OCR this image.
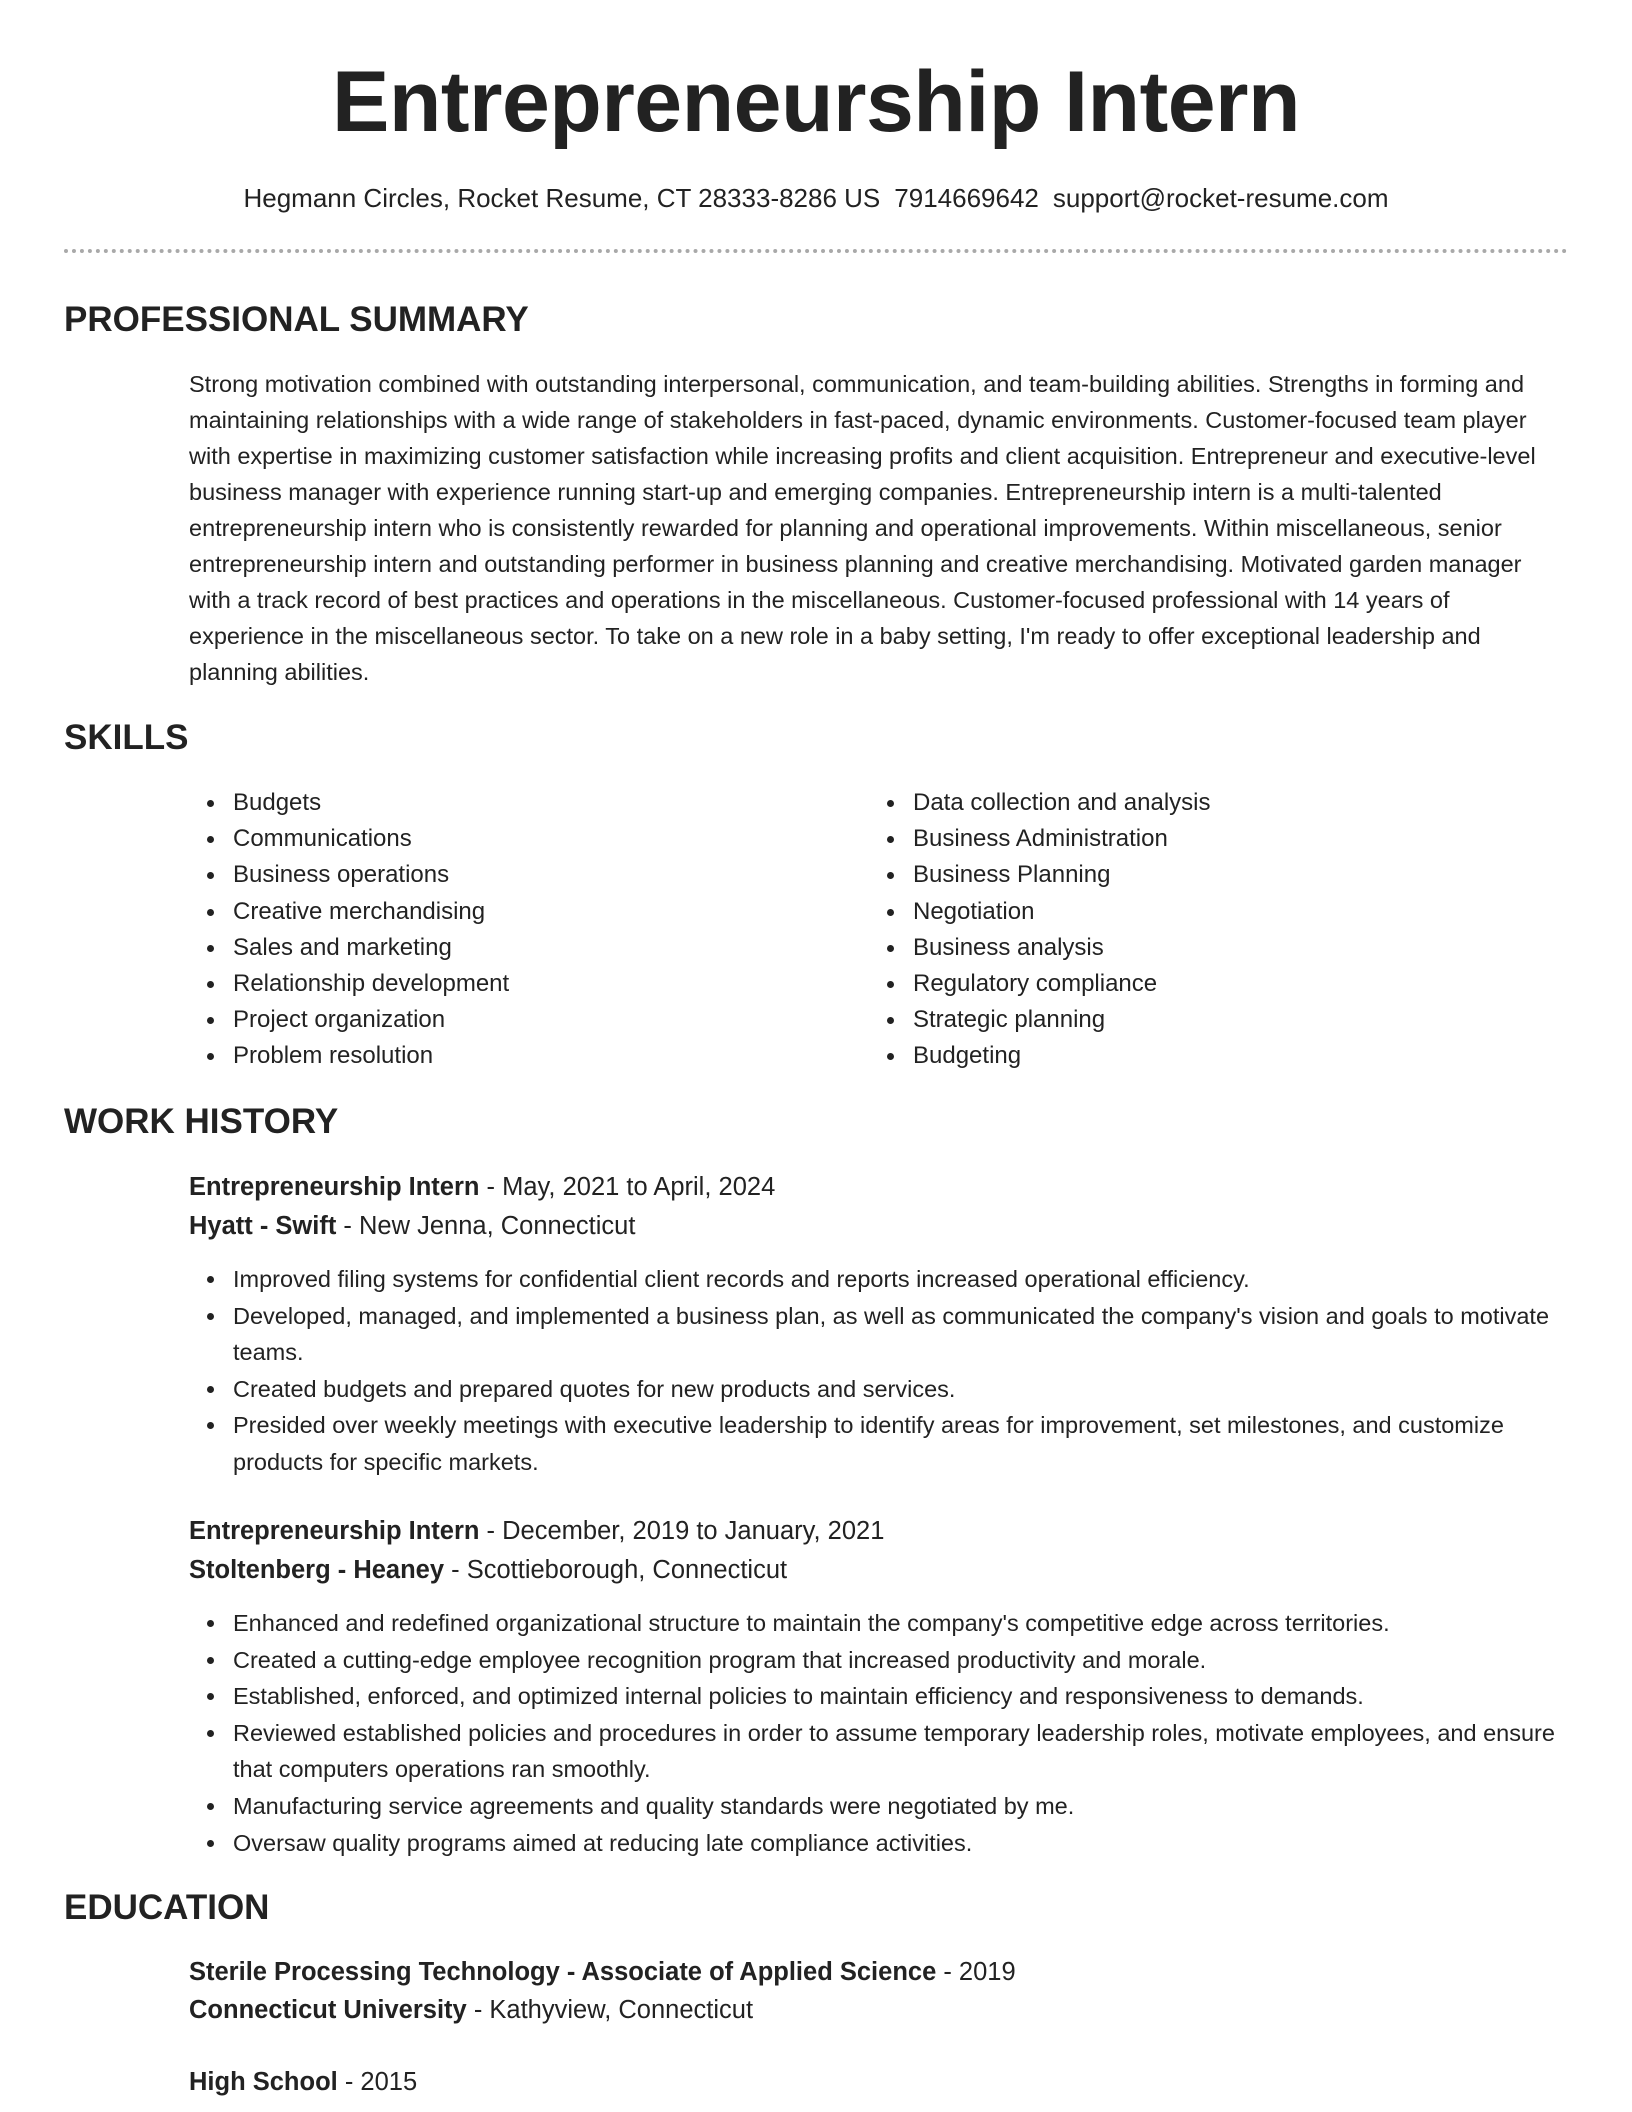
Entrepreneurship Intern
Hegmann Circles, Rocket Resume, CT 28333-8286 US 7914669642 support@rocket-resume.com
PROFESSIONAL SUMMARY

Strong motivation combined with outstanding interpersonal, communication, and team-building abilities. Strengths in forming and maintaining relationships with a wide range of stakeholders in fast-paced, dynamic environments. Customer-focused team player with expertise in maximizing customer satisfaction while increasing profits and client acquisition. Entrepreneur and executive-level business manager with experience running start-up and emerging companies. Entrepreneurship intern is a multi-talented entrepreneurship intern who is consistently rewarded for planning and operational improvements. Within miscellaneous, senior entrepreneurship intern and outstanding performer in business planning and creative merchandising. Motivated garden manager with a track record of best practices and operations in the miscellaneous. Customer-focused professional with 14 years of experience in the miscellaneous sector. To take on a new role in a baby setting, I'm ready to offer exceptional leadership and planning abilities.

SKILLS
Budgets
Communications
Business operations
Creative merchandising
Sales and marketing
Relationship development
Project organization
Problem resolution
Data collection and analysis
Business Administration
Business Planning
Negotiation
Business analysis
Regulatory compliance
Strategic planning
Budgeting
WORK HISTORY

Entrepreneurship Intern - May, 2021 to April, 2024

Hyatt - Swift - New Jenna, Connecticut

Improved filing systems for confidential client records and reports increased operational efficiency.
Developed, managed, and implemented a business plan, as well as communicated the company's vision and goals to motivate teams.
Created budgets and prepared quotes for new products and services.
Presided over weekly meetings with executive leadership to identify areas for improvement, set milestones, and customize products for specific markets.

Entrepreneurship Intern - December, 2019 to January, 2021

Stoltenberg - Heaney - Scottieborough, Connecticut

Enhanced and redefined organizational structure to maintain the company's competitive edge across territories.
Created a cutting-edge employee recognition program that increased productivity and morale.
Established, enforced, and optimized internal policies to maintain efficiency and responsiveness to demands.
Reviewed established policies and procedures in order to assume temporary leadership roles, motivate employees, and ensure that computers operations ran smoothly.
Manufacturing service agreements and quality standards were negotiated by me.
Oversaw quality programs aimed at reducing late compliance activities.
EDUCATION

Sterile Processing Technology - Associate of Applied Science - 2019

Connecticut University - Kathyview, Connecticut

High School - 2015
